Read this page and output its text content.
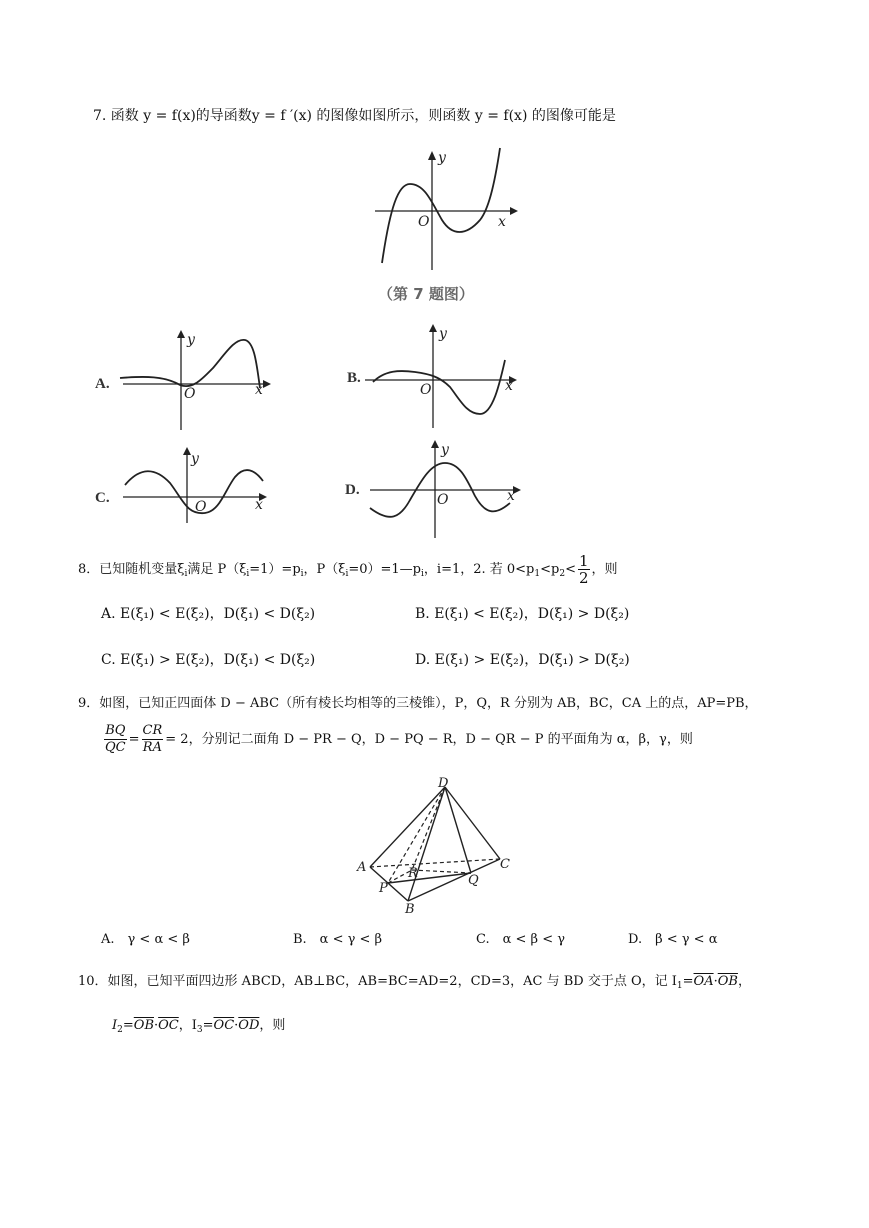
7. 函数 y = f(x)的导函数y = f ′(x) 的图像如图所示，则函数 y = f(x) 的图像可能是
y
O	x
（第 7 题图）
y
O	x
A.
y
O	x
B.
y
O	x
C.
y
O	x
D.
8．已知随机变量$\xi_i$满足 $P(\xi_i=1)=p_i$，$P(\xi_i=0)=1—p_i$，i=1，2. 若 $0<p_1<p_2< \frac{1}{2}$ ，则
A. E(ξ₁) < E(ξ₂)，D(ξ₁) < D(ξ₂)	B. E(ξ₁) < E(ξ₂)，D(ξ₁) > D(ξ₂)
C. E(ξ₁) > E(ξ₂)，D(ξ₁) < D(ξ₂)	D. E(ξ₁) > E(ξ₂)，D(ξ₁) > D(ξ₂)
9．如图，已知正四面体 D − ABC（所有棱长均相等的三棱锥），P，Q，R 分别为 AB，BC，CA 上的点，AP=PB，
$\frac{BQ}{QC} = \frac{CR}{RA} = 2$，分别记二面角 D − PR − Q，D − PQ − R，D − QR − P 的平面角为 α，β，γ，则
D
A
B
C
P
Q
R
A.　γ < α < β	B.　α < γ < β	C.　α < β < γ	D.　β < γ < α
10．如图，已知平面四边形 ABCD，AB⊥BC，AB=BC=AD=2，CD=3，AC 与 BD 交于点 O，记 $I_1=\overline{OA}\cdot\overline{OB}$，
$I_2=\overline{OB}\cdot\overline{OC}$，$I_3=\overline{OC}\cdot\overline{OD}$，则
